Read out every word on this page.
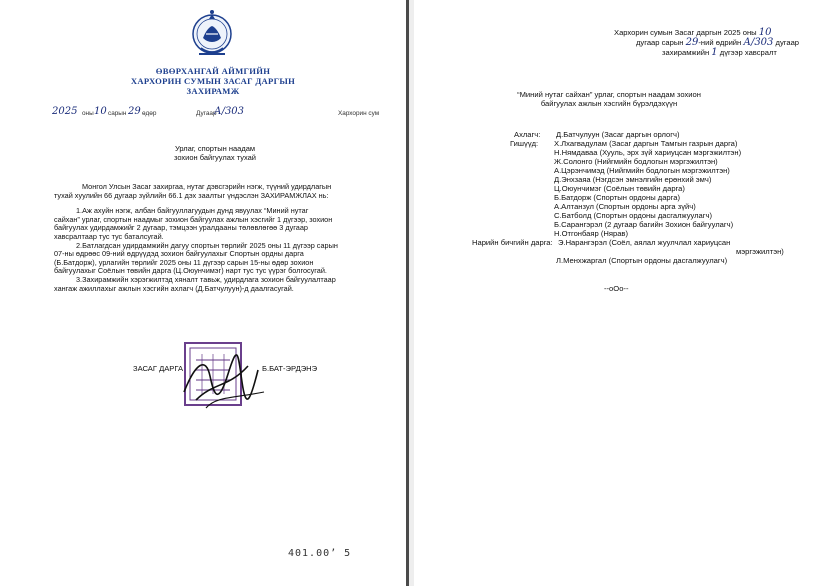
ӨВӨРХАНГАЙ АЙМГИЙН
ХАРХОРИН СУМЫН ЗАСАГ ДАРГЫН
ЗАХИРАМЖ
2025 оны 10 сарын 29 өдөр	Дугаар
А/303	Хархорин сум
Урлаг, спортын наадам
зохион байгуулах тухай
Монгол Улсын Засаг захиргаа, нутаг дэвсгэрийн нэгж, түүний удирдлагын
тухай хуулийн 66 дугаар зүйлийн 66.1 дэх заалтыг үндэслэн ЗАХИРАМЖЛАХ нь:
1.Аж ахуйн нэгж, албан байгууллагуудын дунд явуулах “Миний нутаг
сайхан” урлаг, спортын наадмыг зохион байгуулах ажлын хэсгийг 1 дүгээр, зохион
байгуулах удирдамжийг 2 дугаар, тэмцээн уралдааны төлөвлөгөө 3 дугаар
хавсралтаар тус тус баталсугай.
2.Батлагдсан удирдамжийн дагуу спортын төрлийг 2025 оны 11 дүгээр сарын
07-ны өдрөөс 09-ний өдрүүдэд зохион байгуулахыг Спортын ордны дарга
(Б.Батдорж), урлагийн төрлийг 2025 оны 11 дүгээр сарын 15-ны өдөр зохион
байгуулахыг Соёлын төвийн дарга (Ц.Оюунчимэг) нарт тус тус үүрэг болгосугай.
3.Захирамжийн хэрэгжилтэд хяналт тавьж, удирдлага зохион байгуулалтаар
хангаж ажиллахыг ажлын хэсгийн ахлагч (Д.Батчулуун)-д даалгасугай.
ЗАСАГ ДАРГА	Б.БАТ-ЭРДЭНЭ
401.00’ 5
Хархорин сумын Засаг даргын 2025 оны 10
дугаар сарын 29-ний өдрийн А/303 дугаар
захирамжийн 1 дүгээр хавсралт
“Миний нутаг сайхан” урлаг, спортын наадам зохион
байгуулах ажлын хэсгийн бүрэлдэхүүн
Ахлагч: Д.Батчулуун (Засаг даргын орлогч)
Гишүүд: Х.Лхагвадулам (Засаг даргын Тамгын газрын дарга)
Н.Нямдаваа (Хууль, эрх зүй хариуцсан мэргэжилтэн)
Ж.Солонго (Нийгмийн бодлогын мэргэжилтэн)
А.Цэрэнчимэд (Нийгмийн бодлогын мэргэжилтэн)
Д.Энхзаяа (Нэгдсэн эмнэлгийн ерөнхий эмч)
Ц.Оюунчимэг (Соёлын төвийн дарга)
Б.Батдорж (Спортын ордоны дарга)
А.Алтанзул (Спортын ордоны арга зүйч)
С.Батболд (Спортын ордоны дасгалжуулагч)
Б.Сарангэрэл (2 дугаар багийн Зохион байгуулагч)
Н.Отгонбаяр (Нярав)
Нарийн бичгийн дарга: Э.Нарангэрэл (Соёл, аялал жуулчлал хариуцсан
мэргэжилтэн)
Л.Менхжаргал (Спортын ордоны дасгалжуулагч)
--oOo--
